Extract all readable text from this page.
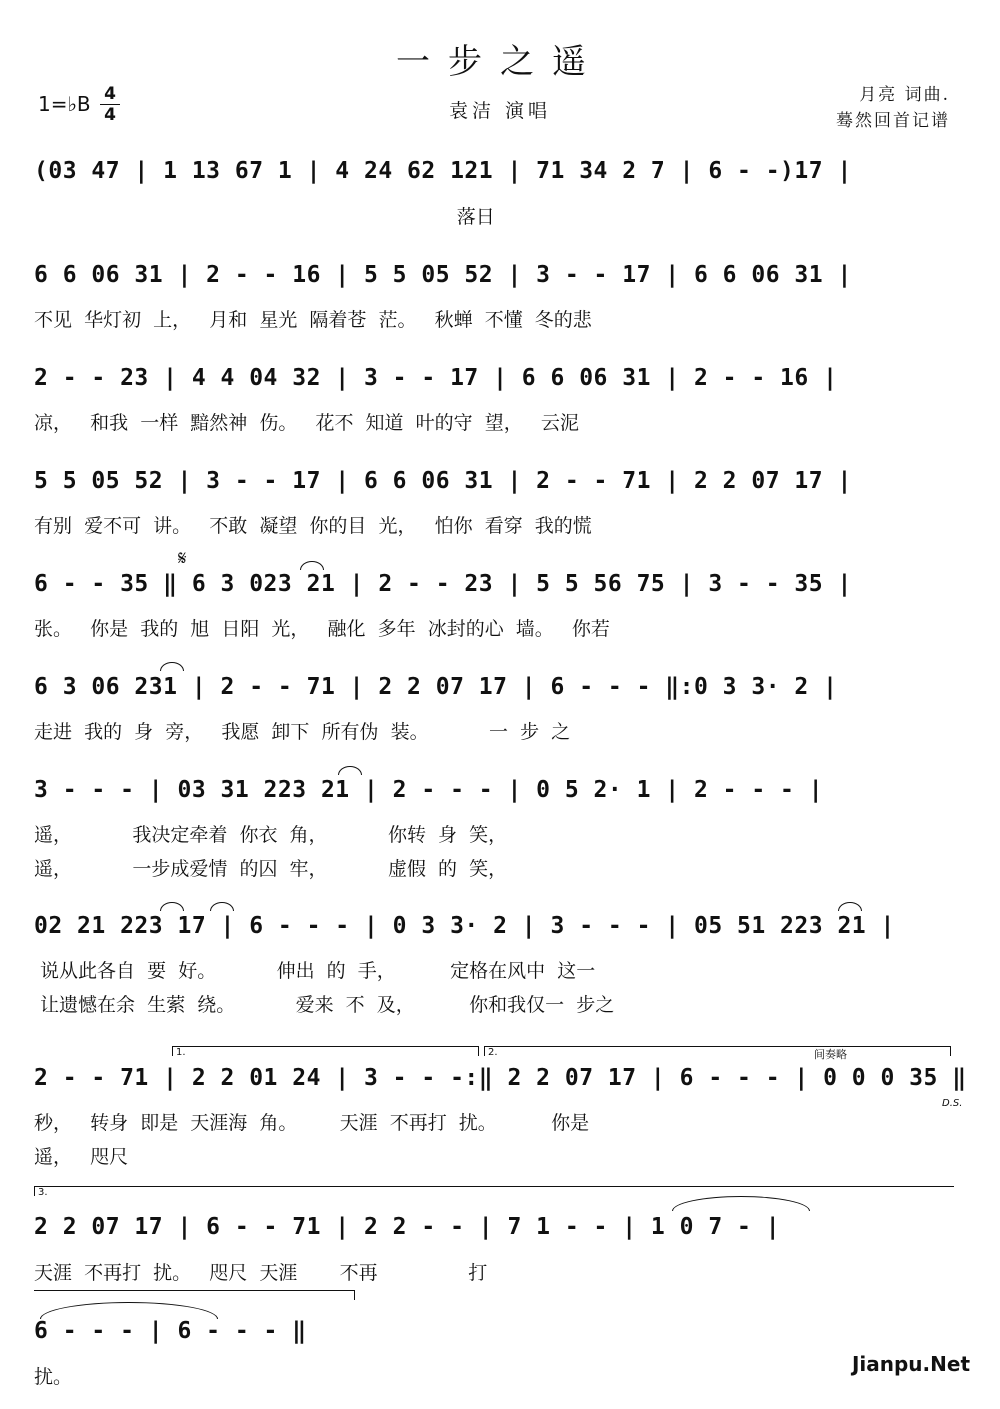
一步之遥
1=♭B 4
4	袁洁 演唱
月亮 词曲.
蓦然回首记谱
(03 47 | 1 13 67 1 | 4 24 62 121 | 71 34 2 7 | 6 - -)17 |
落日
6 6 06 31 | 2 - - 16 | 5 5 05 52 | 3 - - 17 | 6 6 06 31 |
不见  华灯初  上，   月和  星光  隔着苍  茫。   秋蝉  不懂  冬的悲
2 - - 23 | 4 4 04 32 | 3 - - 17 | 6 6 06 31 | 2 - - 16 |
凉，   和我  一样  黯然神  伤。   花不  知道  叶的守  望，   云泥
5 5 05 52 | 3 - - 17 | 6 6 06 31 | 2 - - 71 | 2 2 07 17 |
有别  爱不可  讲。   不敢  凝望  你的目  光，   怕你  看穿  我的慌
𝄋
6 - - 35 ‖ 6 3 023 21 | 2 - - 23 | 5 5 56 75 | 3 - - 35 |
张。   你是  我的  旭  日阳  光，   融化  多年  冰封的心  墙。   你若
6 3 06 231 | 2 - - 71 | 2 2 07 17 | 6 - - - ‖:0 3 3· 2 |
走进  我的  身  旁，   我愿  卸下  所有伪  装。          一  步  之
3 - - - | 03 31 223 21 | 2 - - - | 0 5 2· 1 | 2 - - - |
遥，          我决定牵着  你衣  角，          你转  身  笑，
遥，          一步成爱情  的囚  牢，          虚假  的  笑，
02 21 223 17 | 6 - - - | 0 3 3· 2 | 3 - - - | 05 51 223 21 |
说从此各自  要  好。          伸出  的  手，         定格在风中  这一
让遗憾在余  生萦  绕。          爱来  不  及，         你和我仅一  步之
1.	2.	间奏略
2 - - 71 | 2 2 01 24 | 3 - - -:‖ 2 2 07 17 | 6 - - - | 0 0 0 35 ‖
D.S.
秒，   转身  即是  天涯海  角。       天涯  不再打  扰。         你是
遥，   咫尺
3.
2 2 07 17 | 6 - - 71 | 2 2 - - | 7 1 - - | 1 0 7 - |
天涯  不再打  扰。   咫尺  天涯       不再               打
6 - - - | 6 - - - ‖
扰。
Jianpu.Net
